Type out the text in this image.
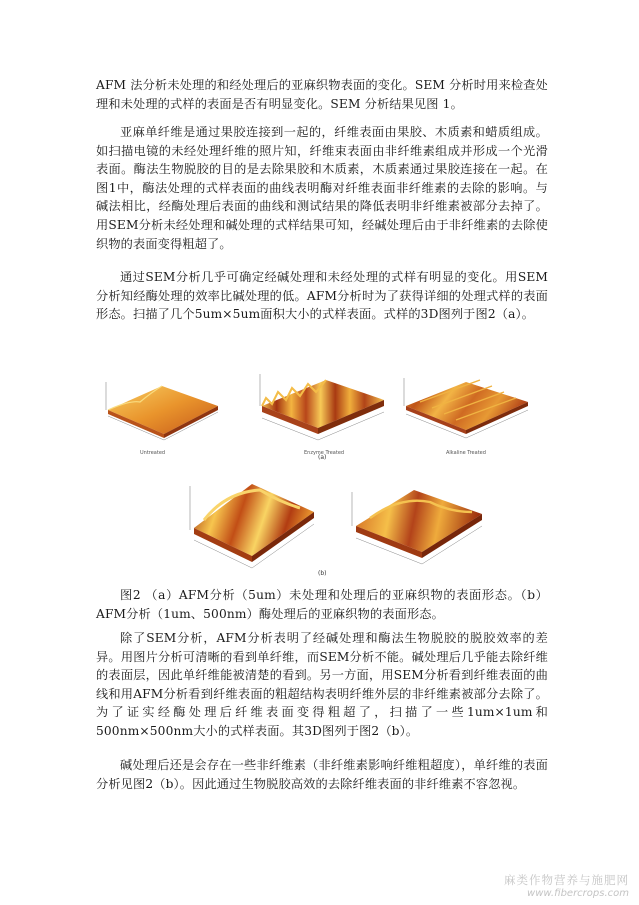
AFM 法分析未处理的和经处理后的亚麻织物表面的变化。SEM 分析时用来检查处理和未处理的式样的表面是否有明显变化。SEM 分析结果见图 1。

亚麻单纤维是通过果胶连接到一起的，纤维表面由果胶、木质素和蜡质组成。如扫描电镜的未经处理纤维的照片知，纤维束表面由非纤维素组成并形成一个光滑表面。酶法生物脱胶的目的是去除果胶和木质素，木质素通过果胶连接在一起。在图1中，酶法处理的式样表面的曲线表明酶对纤维表面非纤维素的去除的影响。与碱法相比，经酶处理后表面的曲线和测试结果的降低表明非纤维素被部分去掉了。用SEM分析未经处理和碱处理的式样结果可知，经碱处理后由于非纤维素的去除使织物的表面变得粗超了。

通过SEM分析几乎可确定经碱处理和未经处理的式样有明显的变化。用SEM分析知经酶处理的效率比碱处理的低。AFM分析时为了获得详细的处理式样的表面形态。扫描了几个5um×5um面积大小的式样表面。式样的3D图列于图2（a）。

Untreated	Enzyme Treated	Alkaline Treated
(a)
(b)

图2 （a）AFM分析（5um）未处理和处理后的亚麻织物的表面形态。（b）AFM分析（1um、500nm）酶处理后的亚麻织物的表面形态。

除了SEM分析，AFM分析表明了经碱处理和酶法生物脱胶的脱胶效率的差异。用图片分析可清晰的看到单纤维，而SEM分析不能。碱处理后几乎能去除纤维的表面层，因此单纤维能被清楚的看到。另一方面，用SEM分析看到纤维表面的曲线和用AFM分析看到纤维表面的粗超结构表明纤维外层的非纤维素被部分去除了。为了证实经酶处理后纤维表面变得粗超了，扫描了一些1um×1um和500nm×500nm大小的式样表面。其3D图列于图2（b）。

碱处理后还是会存在一些非纤维素（非纤维素影响纤维粗超度），单纤维的表面分析见图2（b）。因此通过生物脱胶高效的去除纤维表面的非纤维素不容忽视。

麻类作物营养与施肥网
www.fibercrops.com
